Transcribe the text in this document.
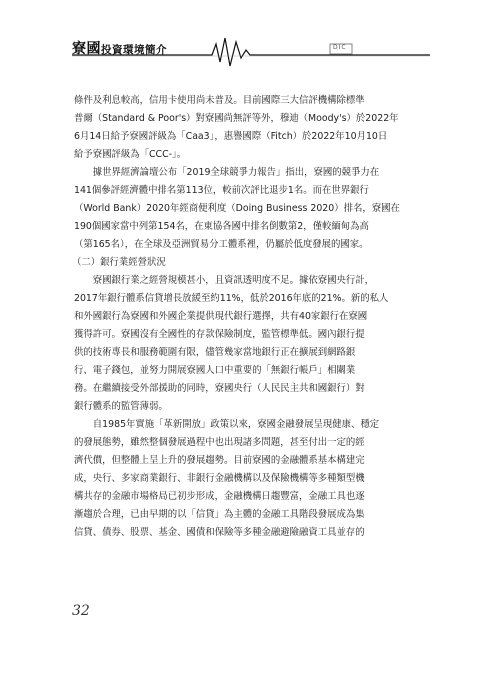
寮國投資環境簡介	DIC
條件及利息較高，信用卡使用尚未普及。目前國際三大信評機構除標準
普爾（Standard & Poor's）對寮國尚無評等外，穆迪（Moody's）於2022年
6月14日給予寮國評級為「Caa3」，惠譽國際（Fitch）於2022年10月10日
給予寮國評級為「CCC-」。
據世界經濟論壇公布「2019全球競爭力報告」指出，寮國的競爭力在
141個參評經濟體中排名第113位，較前次評比退步1名。而在世界銀行
（World Bank）2020年經商便利度（Doing Business 2020）排名，寮國在
190個國家當中列第154名，在東協各國中排名倒數第2，僅較緬甸為高
（第165名），在全球及亞洲貿易分工體系裡，仍屬於低度發展的國家。
（二）銀行業經營狀況
寮國銀行業之經營規模甚小，且資訊透明度不足。據依寮國央行計，
2017年銀行體系信貸增長放緩至約11%，低於2016年底的21%。新的私人
和外國銀行為寮國和外國企業提供現代銀行選擇，共有40家銀行在寮國
獲得許可。寮國沒有全國性的存款保險制度，監管標準低。國內銀行提
供的技術專長和服務範圍有限，儘管幾家當地銀行正在擴展到網路銀
行、電子錢包，並努力開展寮國人口中重要的「無銀行帳戶」相關業
務。在繼續接受外部援助的同時，寮國央行（人民民主共和國銀行）對
銀行體系的監管薄弱。
自1985年實施「革新開放」政策以來，寮國金融發展呈現健康、穩定
的發展態勢，雖然整個發展過程中也出現諸多問題，甚至付出一定的經
濟代價，但整體上呈上升的發展趨勢。目前寮國的金融體系基本構建完
成，央行、多家商業銀行、非銀行金融機構以及保險機構等多種類型機
構共存的金融市場格局已初步形成，金融機構日趨豐富，金融工具也逐
漸趨於合理，已由早期的以「信貸」為主體的金融工具階段發展成為集
信貸、債券、股票、基金、國債和保險等多種金融避險融資工具並存的
32
